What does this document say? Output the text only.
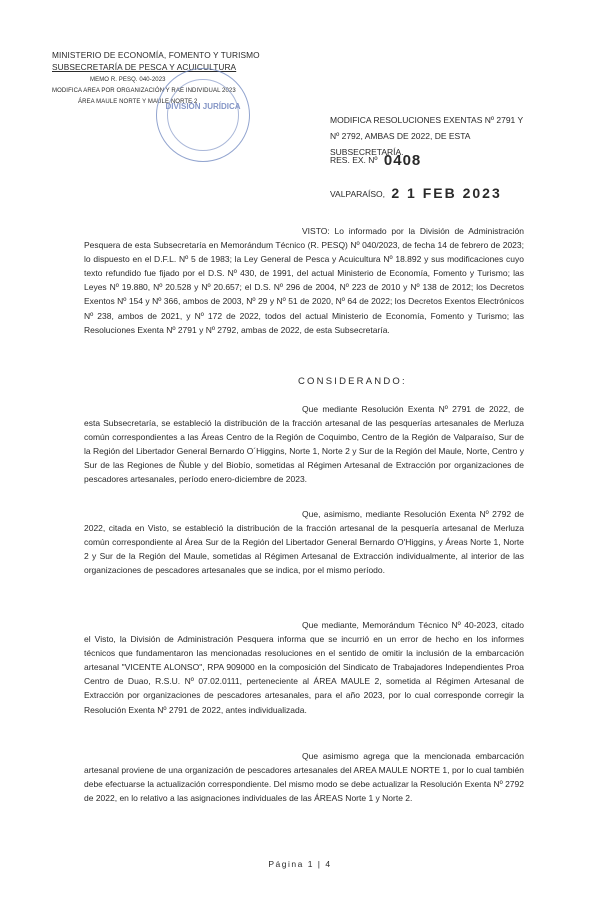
MINISTERIO DE ECONOMÍA, FOMENTO Y TURISMO
SUBSECRETARÍA DE PESCA Y ACUICULTURA
MEMO R. PESQ. 040-2023
MODIFICA AREA POR ORGANIZACIÓN Y RAE INDIVIDUAL 2023
ÁREA MAULE NORTE Y MAULE NORTE 2
DIVISIÓN JURÍDICA
MODIFICA RESOLUCIONES EXENTAS Nº 2791 Y Nº 2792, AMBAS DE 2022, DE ESTA SUBSECRETARÍA.
RES. EX. Nº 0408
VALPARAÍSO, 2 1 FEB 2023
VISTO: Lo informado por la División de Administración Pesquera de esta Subsecretaría en Memorándum Técnico (R. PESQ) Nº 040/2023, de fecha 14 de febrero de 2023; lo dispuesto en el D.F.L. Nº 5 de 1983; la Ley General de Pesca y Acuicultura Nº 18.892 y sus modificaciones cuyo texto refundido fue fijado por el D.S. Nº 430, de 1991, del actual Ministerio de Economía, Fomento y Turismo; las Leyes Nº 19.880, Nº 20.528 y Nº 20.657; el D.S. Nº 296 de 2004, Nº 223 de 2010 y Nº 138 de 2012; los Decretos Exentos Nº 154 y Nº 366, ambos de 2003, Nº 29 y Nº 51 de 2020, Nº 64 de 2022; los Decretos Exentos Electrónicos Nº 238, ambos de 2021, y Nº 172 de 2022, todos del actual Ministerio de Economía, Fomento y Turismo; las Resoluciones Exenta Nº 2791 y Nº 2792, ambas de 2022, de esta Subsecretaría.
CONSIDERANDO:
Que mediante Resolución Exenta Nº 2791 de 2022, de esta Subsecretaría, se estableció la distribución de la fracción artesanal de las pesquerías artesanales de Merluza común correspondientes a las Áreas Centro de la Región de Coquimbo, Centro de la Región de Valparaíso, Sur de la Región del Libertador General Bernardo O´Higgins, Norte 1, Norte 2 y Sur de la Región del Maule, Norte, Centro y Sur de las Regiones de Ñuble y del Biobío, sometidas al Régimen Artesanal de Extracción por organizaciones de pescadores artesanales, período enero-diciembre de 2023.
Que, asimismo, mediante Resolución Exenta Nº 2792 de 2022, citada en Visto, se estableció la distribución de la fracción artesanal de la pesquería artesanal de Merluza común correspondiente al Área Sur de la Región del Libertador General Bernardo O'Higgins, y Áreas Norte 1, Norte 2 y Sur de la Región del Maule, sometidas al Régimen Artesanal de Extracción individualmente, al interior de las organizaciones de pescadores artesanales que se indica, por el mismo período.
Que mediante, Memorándum Técnico Nº 40-2023, citado el Visto, la División de Administración Pesquera informa que se incurrió en un error de hecho en los informes técnicos que fundamentaron las mencionadas resoluciones en el sentido de omitir la inclusión de la embarcación artesanal "VICENTE ALONSO", RPA 909000 en la composición del Sindicato de Trabajadores Independientes Proa Centro de Duao, R.S.U. Nº 07.02.0111, perteneciente al ÁREA MAULE 2, sometida al Régimen Artesanal de Extracción por organizaciones de pescadores artesanales, para el año 2023, por lo cual corresponde corregir la Resolución Exenta Nº 2791 de 2022, antes individualizada.
Que asimismo agrega que la mencionada embarcación artesanal proviene de una organización de pescadores artesanales del AREA MAULE NORTE 1, por lo cual también debe efectuarse la actualización correspondiente. Del mismo modo se debe actualizar la Resolución Exenta Nº 2792 de 2022, en lo relativo a las asignaciones individuales de las ÁREAS Norte 1 y Norte 2.
Página 1 | 4
